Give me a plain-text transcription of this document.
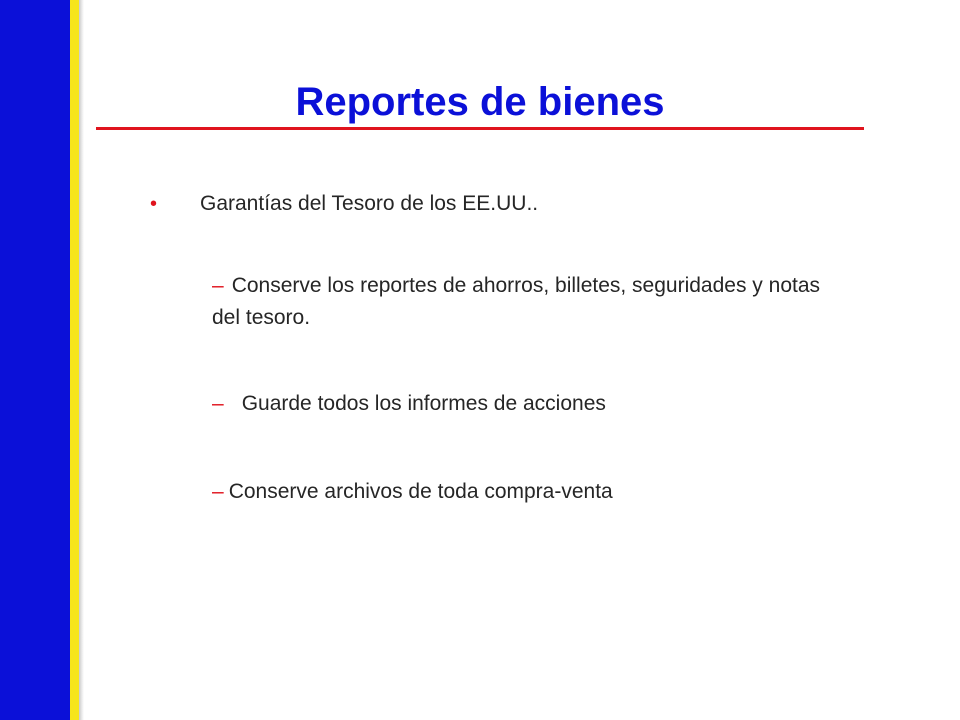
Reportes de bienes
•	Garantías del Tesoro de los EE.UU..

– Conserve los reportes de ahorros, billetes, seguridades y notas del tesoro.

– Guarde todos los informes de acciones

– Conserve archivos de toda compra-venta
